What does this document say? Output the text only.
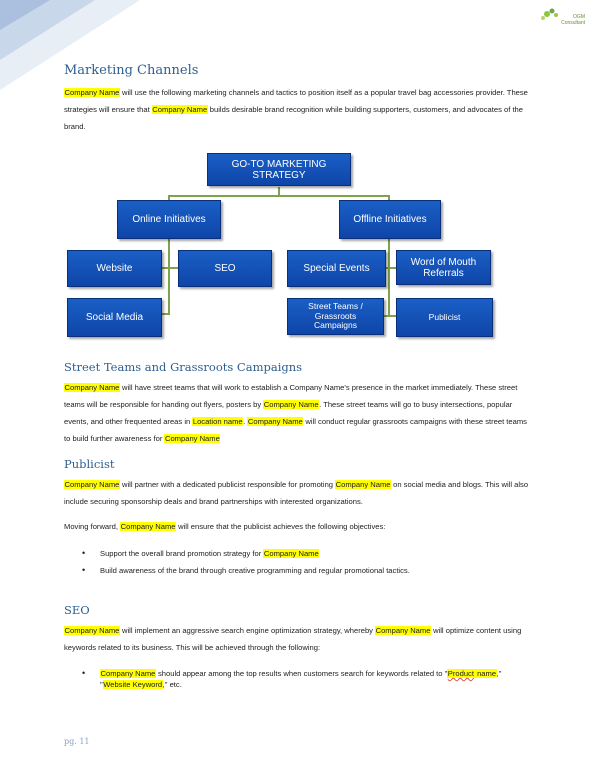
OGM
Consultant
Marketing Channels

Company Name will use the following marketing channels and tactics to position itself as a popular travel bag accessories provider. These strategies will ensure that Company Name builds desirable brand recognition while building supporters, customers, and advocates of the brand.

GO-TO MARKETING STRATEGY
Online Initiatives	Offline Initiatives
Website	SEO
Social Media
Special Events
Word of Mouth Referrals
Street Teams / Grassroots Campaigns
Publicist
Street Teams and Grassroots Campaigns

Company Name will have street teams that will work to establish a Company Name's presence in the market immediately. These street teams will be responsible for handing out flyers, posters by Company Name. These street teams will go to busy intersections, popular events, and other frequented areas in Location name. Company Name will conduct regular grassroots campaigns with these street teams to build further awareness for Company Name

Publicist

Company Name will partner with a dedicated publicist responsible for promoting Company Name on social media and blogs. This will also include securing sponsorship deals and brand partnerships with interested organizations.

Moving forward, Company Name will ensure that the publicist achieves the following objectives:

• Support the overall brand promotion strategy for Company Name
• Build awareness of the brand through creative programming and regular promotional tactics.
SEO

Company Name will implement an aggressive search engine optimization strategy, whereby Company Name will optimize content using keywords related to its business. This will be achieved through the following:

• Company Name should appear among the top results when customers search for keywords related to "Product name,"
"Website Keyword," etc.
pg. 11
